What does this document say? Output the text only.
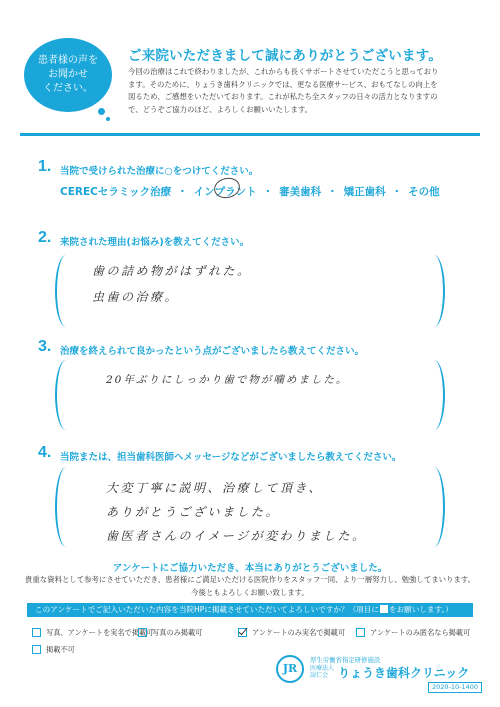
患者様の声を
お聞かせ
ください。
ご来院いただきまして誠にありがとうございます。
今回の治療はこれで終わりましたが、これからも長くサポートさせていただこうと思っており
ます。そのために、りょうき歯科クリニックでは、更なる医療サービス、おもてなしの向上を
図るため、ご感想をいただいております。これが私たち全スタッフの日々の活力となりますの
で、どうぞご協力のほど、よろしくお願いいたします。
1 .	当院で受けられた治療に○をつけてください。
CERECセラミック治療 ・ インプラント ・ 審美歯科 ・ 矯正歯科 ・ その他
2 .	来院された理由(お悩み)を教えてください。
歯の詰め物がはずれた。
虫歯の治療。
3 .	治療を終えられて良かったという点がございましたら教えてください。
20年ぶりにしっかり歯で物が噛めました。
4 .	当院または、担当歯科医師へメッセージなどがございましたら教えてください。
大変丁寧に説明、治療して頂き、
ありがとうございました。
歯医者さんのイメージが変わりました。
アンケートにご協力いただき、本当にありがとうございました。
貴重な資料として参考にさせていただき、患者様にご満足いただける医院作りをスタッフ一同、より一層努力し、勉強してまいります。
今後ともよろしくお願い致します。
このアンケートでご記入いただいた内容を当院HPに掲載させていただいてよろしいですか？（項目に をお願いします。）
写真、アンケートを実名で掲載可
写真のみ掲載可	アンケートのみ実名で掲載可	アンケートのみ匿名なら掲載可
掲載不可
JR
厚生労働省指定研修施設
医療法人
諒仁会 りょうき歯科クリニック
2020-10-1400
